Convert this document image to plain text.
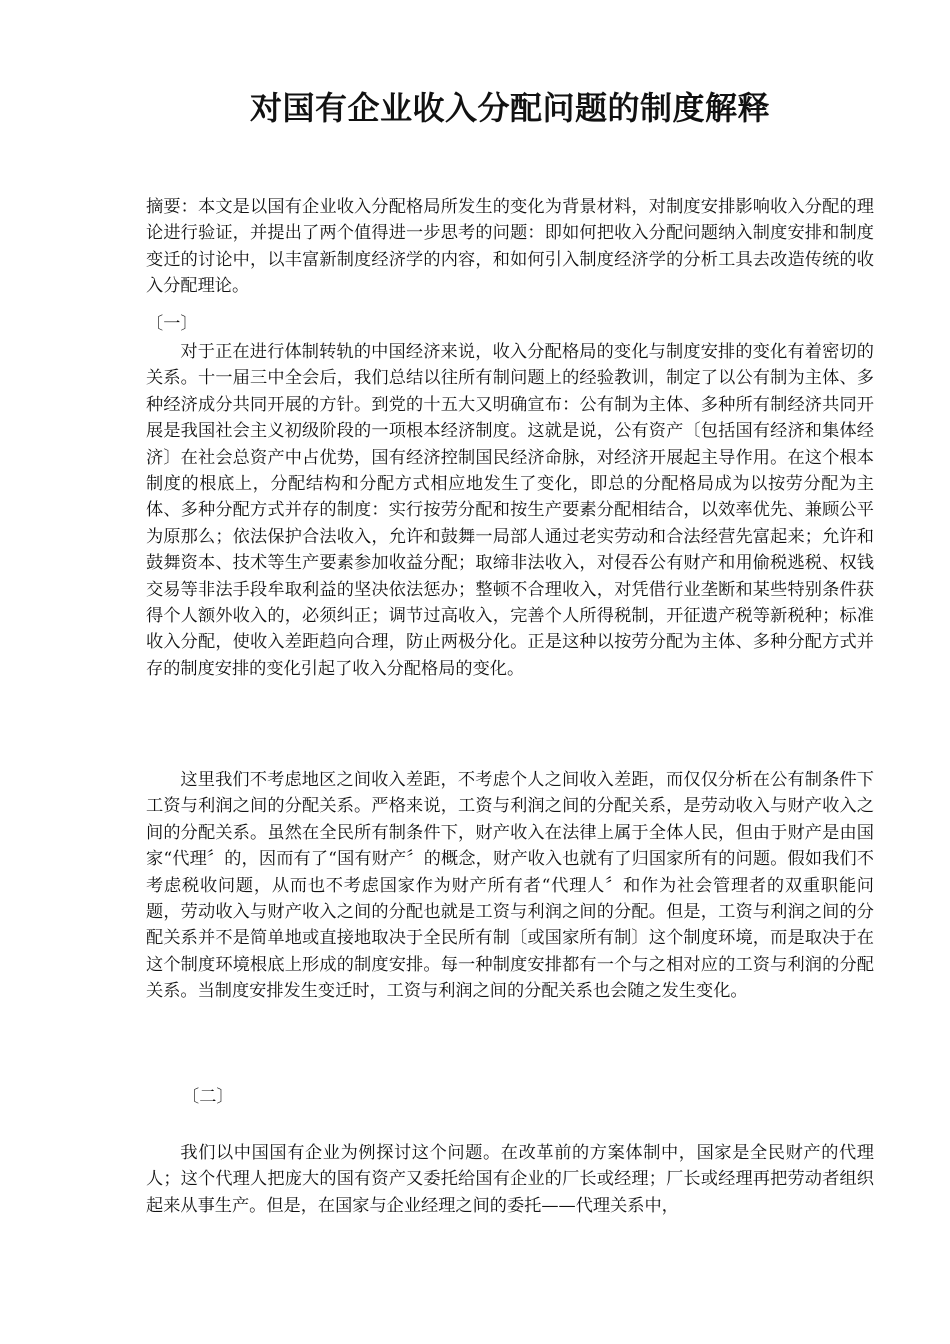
对国有企业收入分配问题的制度解释

摘要：本文是以国有企业收入分配格局所发生的变化为背景材料，对制度安排影响收入分配的理论进行验证，并提出了两个值得进一步思考的问题：即如何把收入分配问题纳入制度安排和制度变迁的讨论中，以丰富新制度经济学的内容，和如何引入制度经济学的分析工具去改造传统的收入分配理论。

〔一〕

对于正在进行体制转轨的中国经济来说，收入分配格局的变化与制度安排的变化有着密切的关系。十一届三中全会后，我们总结以往所有制问题上的经验教训，制定了以公有制为主体、多种经济成分共同开展的方针。到党的十五大又明确宣布：公有制为主体、多种所有制经济共同开展是我国社会主义初级阶段的一项根本经济制度。这就是说，公有资产〔包括国有经济和集体经济〕在社会总资产中占优势，国有经济控制国民经济命脉，对经济开展起主导作用。在这个根本制度的根底上，分配结构和分配方式相应地发生了变化，即总的分配格局成为以按劳分配为主体、多种分配方式并存的制度：实行按劳分配和按生产要素分配相结合，以效率优先、兼顾公平为原那么；依法保护合法收入，允许和鼓舞一局部人通过老实劳动和合法经营先富起来；允许和鼓舞资本、技术等生产要素参加收益分配；取缔非法收入，对侵吞公有财产和用偷税逃税、权钱交易等非法手段牟取利益的坚决依法惩办；整顿不合理收入，对凭借行业垄断和某些特别条件获得个人额外收入的，必须纠正；调节过高收入，完善个人所得税制，开征遗产税等新税种；标准收入分配，使收入差距趋向合理，防止两极分化。正是这种以按劳分配为主体、多种分配方式并存的制度安排的变化引起了收入分配格局的变化。

这里我们不考虑地区之间收入差距，不考虑个人之间收入差距，而仅仅分析在公有制条件下工资与利润之间的分配关系。严格来说，工资与利润之间的分配关系，是劳动收入与财产收入之间的分配关系。虽然在全民所有制条件下，财产收入在法律上属于全体人民，但由于财产是由国家“代理〞的，因而有了“国有财产〞的概念，财产收入也就有了归国家所有的问题。假如我们不考虑税收问题，从而也不考虑国家作为财产所有者“代理人〞和作为社会管理者的双重职能问题，劳动收入与财产收入之间的分配也就是工资与利润之间的分配。但是，工资与利润之间的分配关系并不是简单地或直接地取决于全民所有制〔或国家所有制〕这个制度环境，而是取决于在这个制度环境根底上形成的制度安排。每一种制度安排都有一个与之相对应的工资与利润的分配关系。当制度安排发生变迁时，工资与利润之间的分配关系也会随之发生变化。

〔二〕

我们以中国国有企业为例探讨这个问题。在改革前的方案体制中，国家是全民财产的代理人；这个代理人把庞大的国有资产又委托给国有企业的厂长或经理；厂长或经理再把劳动者组织起来从事生产。但是，在国家与企业经理之间的委托——代理关系中，
